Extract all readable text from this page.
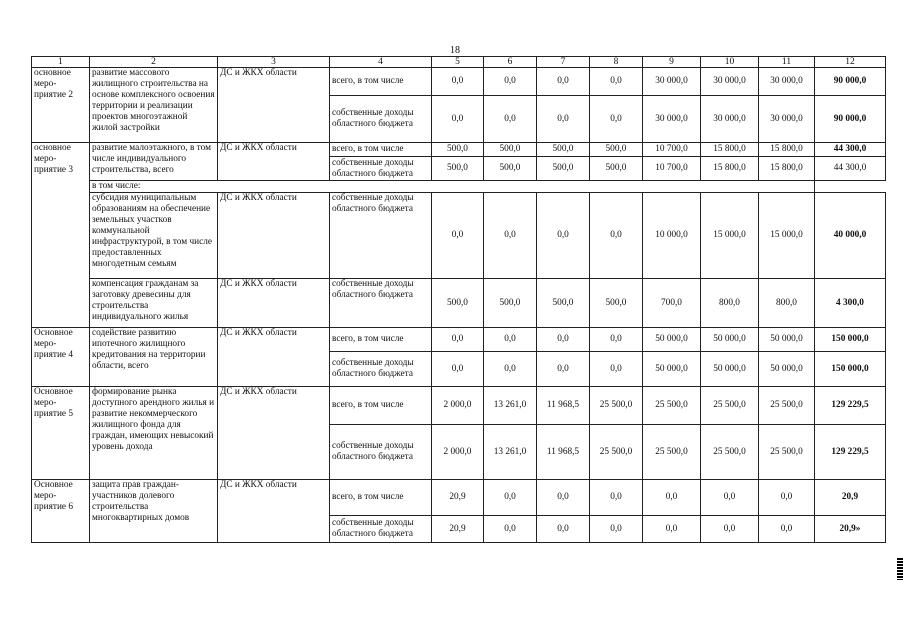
18
1	2	3	4	5	6	7	8	9	10	11	12
основное меро-приятие 2	развитие массового жилищного строительства на основе комплексного освоения территории и реализации проектов многоэтажной жилой застройки	ДС и ЖКХ области	всего, в том числе	0,0	0,0	0,0	0,0	30 000,0	30 000,0	30 000,0	90 000,0
			собственные доходы областного бюджета	0,0	0,0	0,0	0,0	30 000,0	30 000,0	30 000,0	90 000,0
основное меро-приятие 3	развитие малоэтажного, в том числе индивидуального строительства, всего	ДС и ЖКХ области	всего, в том числе	500,0	500,0	500,0	500,0	10 700,0	15 800,0	15 800,0	44 300,0
			собственные доходы областного бюджета	500,0	500,0	500,0	500,0	10 700,0	15 800,0	15 800,0	44 300,0
	в том числе:										
	субсидия муниципальным образованиям на обеспечение земельных участков коммунальной инфраструктурой, в том числе предоставленных многодетным семьям	ДС и ЖКХ области	собственные доходы областного бюджета	0,0	0,0	0,0	0,0	10 000,0	15 000,0	15 000,0	40 000,0
	компенсация гражданам за заготовку древесины для строительства индивидуального жилья	ДС и ЖКХ области	собственные доходы областного бюджета	500,0	500,0	500,0	500,0	700,0	800,0	800,0	4 300,0
Основное меро-приятие 4	содействие развитию ипотечного жилищного кредитования на территории области, всего	ДС и ЖКХ области	всего, в том числе	0,0	0,0	0,0	0,0	50 000,0	50 000,0	50 000,0	150 000,0
			собственные доходы областного бюджета	0,0	0,0	0,0	0,0	50 000,0	50 000,0	50 000,0	150 000,0
Основное меро-приятие 5	формирование рынка доступного арендного жилья и развитие некоммерческого жилищного фонда для граждан, имеющих невысокий уровень дохода	ДС и ЖКХ области	всего, в том числе	2 000,0	13 261,0	11 968,5	25 500,0	25 500,0	25 500,0	25 500,0	129 229,5
			собственные доходы областного бюджета	2 000,0	13 261,0	11 968,5	25 500,0	25 500,0	25 500,0	25 500,0	129 229,5
Основное меро-приятие 6	защита прав граждан-участников долевого строительства многоквартирных домов	ДС и ЖКХ области	всего, в том числе	20,9	0,0	0,0	0,0	0,0	0,0	0,0	20,9
			собственные доходы областного бюджета	20,9	0,0	0,0	0,0	0,0	0,0	0,0	20,9»
